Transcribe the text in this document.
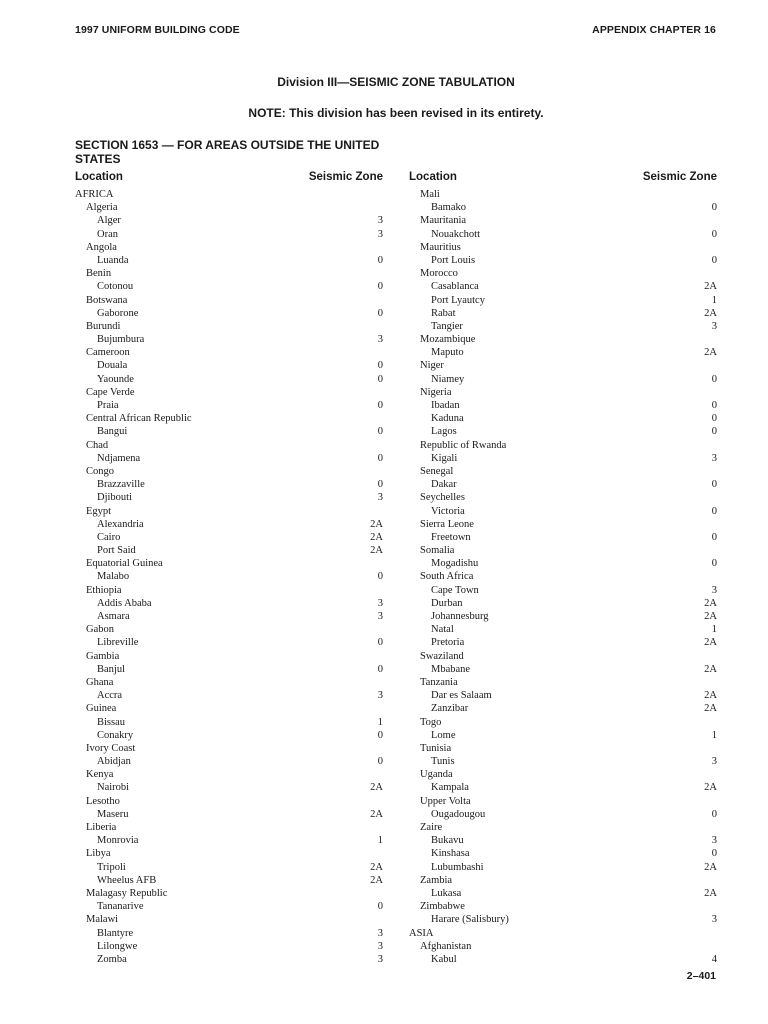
1997 UNIFORM BUILDING CODE	APPENDIX CHAPTER 16
Division III—SEISMIC ZONE TABULATION
NOTE: This division has been revised in its entirety.
SECTION 1653 — FOR AREAS OUTSIDE THE UNITED STATES
Location	Seismic Zone
AFRICA
Algeria
Alger	3
Oran	3
Angola
Luanda	0
Benin
Cotonou	0
Botswana
Gaborone	0
Burundi
Bujumbura	3
Cameroon
Douala	0
Yaounde	0
Cape Verde
Praia	0
Central African Republic
Bangui	0
Chad
Ndjamena	0
Congo
Brazzaville	0
Djibouti	3
Egypt
Alexandria	2A
Cairo	2A
Port Said	2A
Equatorial Guinea
Malabo	0
Ethiopia
Addis Ababa	3
Asmara	3
Gabon
Libreville	0
Gambia
Banjul	0
Ghana
Accra	3
Guinea
Bissau	1
Conakry	0
Ivory Coast
Abidjan	0
Kenya
Nairobi	2A
Lesotho
Maseru	2A
Liberia
Monrovia	1
Libya
Tripoli	2A
Wheelus AFB	2A
Malagasy Republic
Tananarive	0
Malawi
Blantyre	3
Lilongwe	3
Zomba	3
Location	Seismic Zone
Mali
Bamako	0
Mauritania
Nouakchott	0
Mauritius
Port Louis	0
Morocco
Casablanca	2A
Port Lyautcy	1
Rabat	2A
Tangier	3
Mozambique
Maputo	2A
Niger
Niamey	0
Nigeria
Ibadan	0
Kaduna	0
Lagos	0
Republic of Rwanda
Kigali	3
Senegal
Dakar	0
Seychelles
Victoria	0
Sierra Leone
Freetown	0
Somalia
Mogadishu	0
South Africa
Cape Town	3
Durban	2A
Johannesburg	2A
Natal	1
Pretoria	2A
Swaziland
Mbabane	2A
Tanzania
Dar es Salaam	2A
Zanzibar	2A
Togo
Lome	1
Tunisia
Tunis	3
Uganda
Kampala	2A
Upper Volta
Ougadougou	0
Zaire
Bukavu	3
Kinshasa	0
Lubumbashi	2A
Zambia
Lukasa	2A
Zimbabwe
Harare (Salisbury)	3
ASIA
Afghanistan
Kabul	4
2–401
